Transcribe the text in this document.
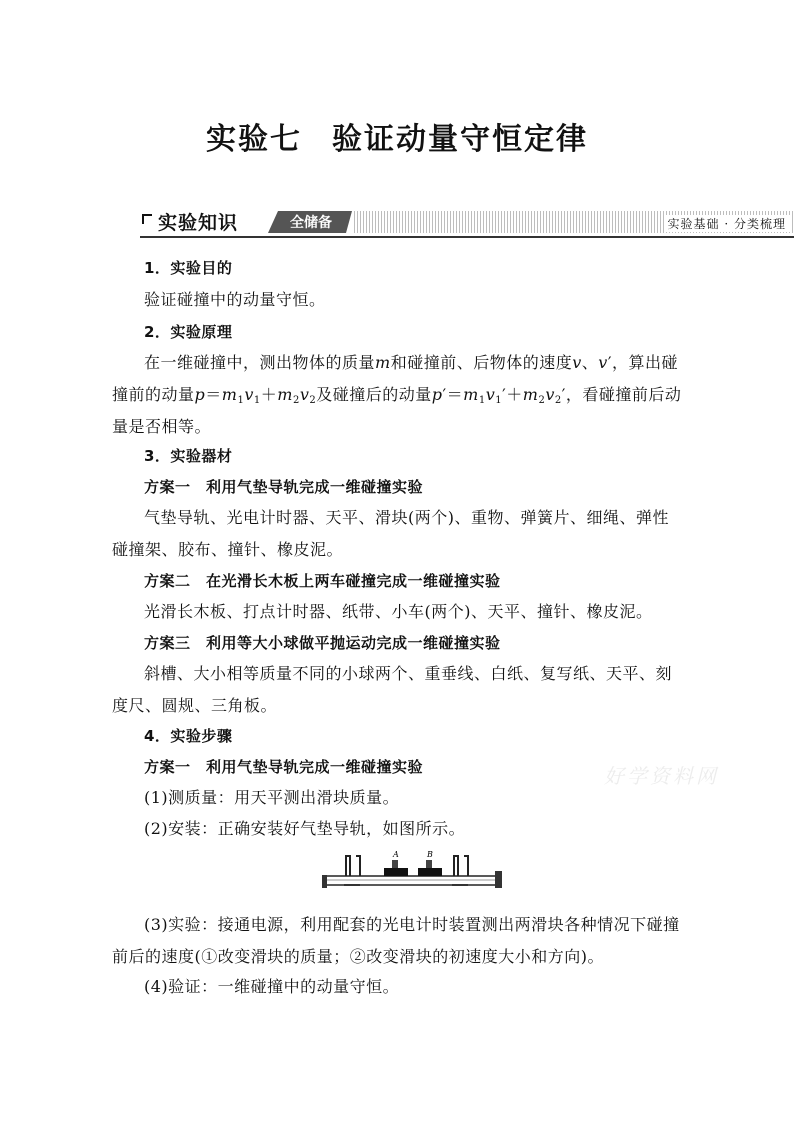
实验七 验证动量守恒定律
实验知识	全储备	实验基础 · 分类梳理
1．实验目的
验证碰撞中的动量守恒。
2．实验原理
在一维碰撞中，测出物体的质量m和碰撞前、后物体的速度v、v′，算出碰撞前的动量$p=m_1v_1+m_2v_2$及碰撞后的动量$p'=m_1v_1'+m_2v_2'$，看碰撞前后动量是否相等。
3．实验器材
方案一　利用气垫导轨完成一维碰撞实验
气垫导轨、光电计时器、天平、滑块(两个)、重物、弹簧片、细绳、弹性碰撞架、胶布、撞针、橡皮泥。
方案二　在光滑长木板上两车碰撞完成一维碰撞实验
光滑长木板、打点计时器、纸带、小车(两个)、天平、撞针、橡皮泥。
方案三　利用等大小球做平抛运动完成一维碰撞实验
斜槽、大小相等质量不同的小球两个、重垂线、白纸、复写纸、天平、刻度尺、圆规、三角板。
4．实验步骤
方案一　利用气垫导轨完成一维碰撞实验
(1)测质量：用天平测出滑块质量。
(2)安装：正确安装好气垫导轨，如图所示。
A	B
(3)实验：接通电源，利用配套的光电计时装置测出两滑块各种情况下碰撞前后的速度(①改变滑块的质量；②改变滑块的初速度大小和方向)。
(4)验证：一维碰撞中的动量守恒。
好学资料网
